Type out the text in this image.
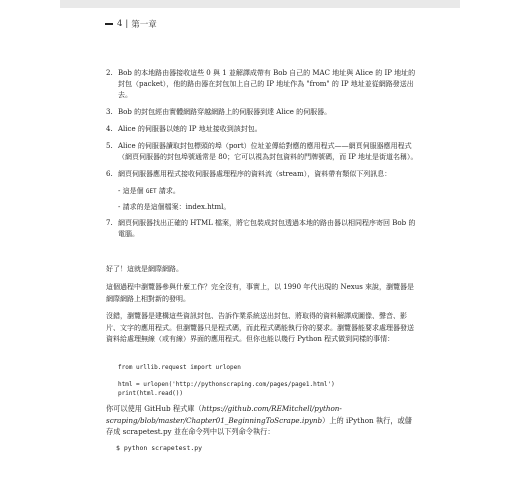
4 | 第一章
2. Bob 的本地路由器接收這些 0 與 1 並解譯成帶有 Bob 自己的 MAC 地址與 Alice 的 IP 地址的封包（packet），他的路由器在封包加上自己的 IP 地址作為 "from" 的 IP 地址並從網路發送出去。
3. Bob 的封包經由實體網路穿越網路上的伺服器到達 Alice 的伺服器。
4. Alice 的伺服器以她的 IP 地址接收到該封包。
5. Alice 的伺服器讀取封包標頭的埠（port）位址並傳給對應的應用程式——網頁伺服器應用程式（網頁伺服器的封包埠號通常是 80；它可以視為封包資料的門牌號碼，而 IP 地址是街道名稱）。
6. 網頁伺服器應用程式接收伺服器處理程序的資料流（stream），資料帶有類似下列訊息：
- 這是個 GET 請求。
- 請求的是這個檔案：index.html。
7. 網頁伺服器找出正確的 HTML 檔案，將它包裝成封包透過本地的路由器以相同程序寄回 Bob 的電腦。
好了！這就是網際網路。
這個過程中瀏覽器參與什麼工作？完全沒有，事實上，以 1990 年代出現的 Nexus 來說，瀏覽器是網際網路上相對新的發明。
沒錯，瀏覽器是建構這些資訊封包、告訴作業系統送出封包、將取得的資料解譯成圖像、聲音、影片、文字的應用程式。但瀏覽器只是程式碼，而此程式碼能執行你的要求。瀏覽器能要求處理器發送資料給處理無線（或有線）界面的應用程式。但你也能以幾行 Python 程式做到同樣的事情：
from urllib.request import urlopen
html = urlopen('http://pythonscraping.com/pages/page1.html')
print(html.read())
你可以使用 GitHub 程式庫（https://github.com/REMitchell/python-scraping/blob/master/Chapter01_BeginningToScrape.ipynb）上的 iPython 執行，或儲存成 scrapetest.py 並在命令列中以下列命令執行：
$ python scrapetest.py
